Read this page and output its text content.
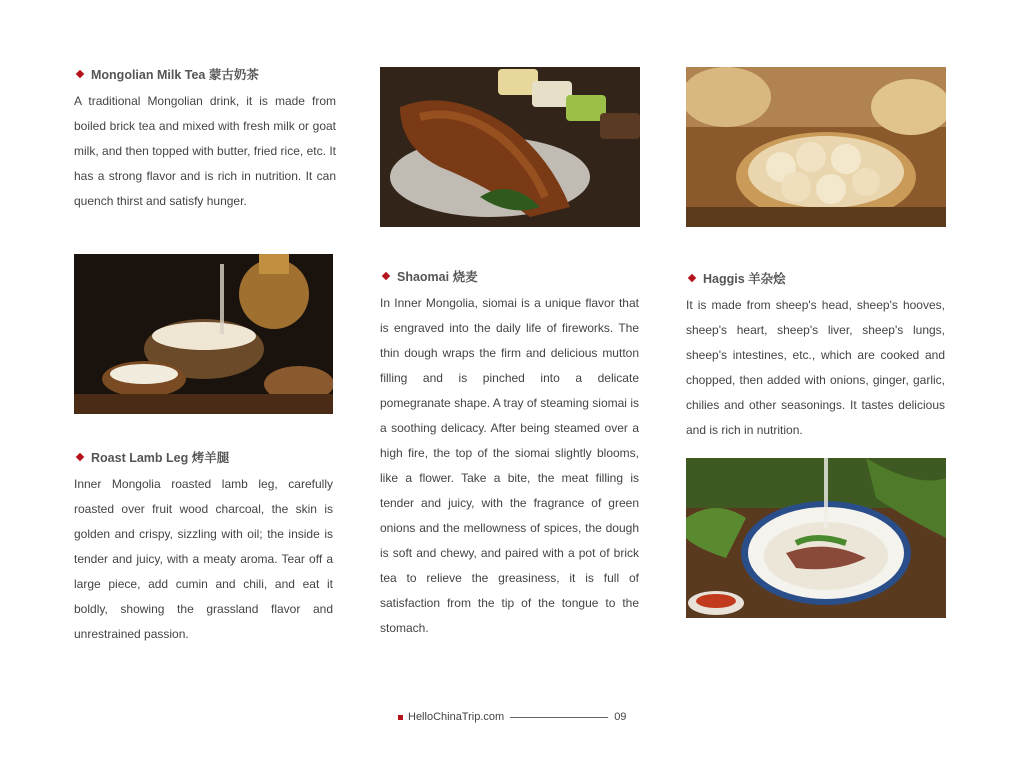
Mongolian Milk Tea 蒙古奶茶

A traditional Mongolian drink, it is made from boiled brick tea and mixed with fresh milk or goat milk, and then topped with butter, fried rice, etc. It has a strong flavor and is rich in nutrition. It can quench thirst and satisfy hunger.

Roast Lamb Leg 烤羊腿

Inner Mongolia roasted lamb leg, carefully roasted over fruit wood charcoal, the skin is golden and crispy, sizzling with oil; the inside is tender and juicy, with a meaty aroma. Tear off a large piece, add cumin and chili, and eat it boldly, showing the grassland flavor and unrestrained passion.

Shaomai 烧麦

In Inner Mongolia, siomai is a unique flavor that is engraved into the daily life of fireworks. The thin dough wraps the firm and delicious mutton filling and is pinched into a delicate pomegranate shape. A tray of steaming siomai is a soothing delicacy. After being steamed over a high fire, the top of the siomai slightly blooms, like a flower. Take a bite, the meat filling is tender and juicy, with the fragrance of green onions and the mellowness of spices, the dough is soft and chewy, and paired with a pot of brick tea to relieve the greasiness, it is full of satisfaction from the tip of the tongue to the stomach.

Haggis 羊杂烩

It is made from sheep's head, sheep's hooves, sheep's heart, sheep's liver, sheep's lungs, sheep's intestines, etc., which are cooked and chopped, then added with onions, ginger, garlic, chilies and other seasonings. It tastes delicious and is rich in nutrition.

HelloChinaTrip.com	09
